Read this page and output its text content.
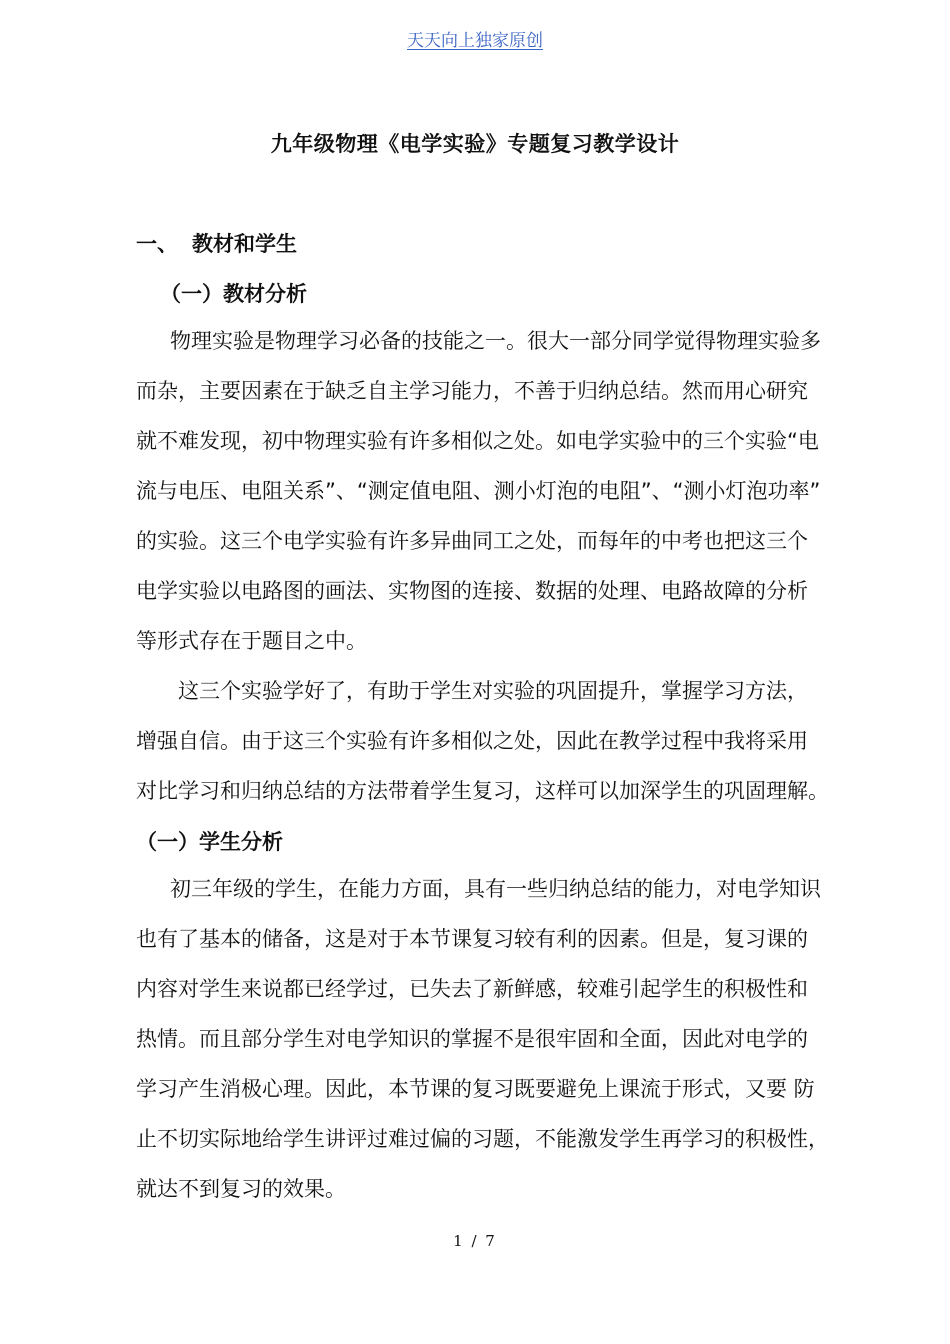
天天向上独家原创
九年级物理《电学实验》专题复习教学设计
一、 教材和学生
（一）教材分析
物理实验是物理学习必备的技能之一。很大一部分同学觉得物理实验多
而杂，主要因素在于缺乏自主学习能力，不善于归纳总结。然而用心研究
就不难发现，初中物理实验有许多相似之处。如电学实验中的三个实验“电
流与电压、电阻关系”、“测定值电阻、测小灯泡的电阻”、“测小灯泡功率”
的实验。这三个电学实验有许多异曲同工之处，而每年的中考也把这三个
电学实验以电路图的画法、实物图的连接、数据的处理、电路故障的分析
等形式存在于题目之中。
这三个实验学好了，有助于学生对实验的巩固提升，掌握学习方法，
增强自信。由于这三个实验有许多相似之处，因此在教学过程中我将采用
对比学习和归纳总结的方法带着学生复习，这样可以加深学生的巩固理解。
（一）学生分析
初三年级的学生，在能力方面，具有一些归纳总结的能力，对电学知识
也有了基本的储备，这是对于本节课复习较有利的因素。但是，复习课的
内容对学生来说都已经学过，已失去了新鲜感，较难引起学生的积极性和
热情。而且部分学生对电学知识的掌握不是很牢固和全面，因此对电学的
学习产生消极心理。因此，本节课的复习既要避免上课流于形式，又要 防
止不切实际地给学生讲评过难过偏的习题，不能激发学生再学习的积极性，
就达不到复习的效果。
1 / 7
